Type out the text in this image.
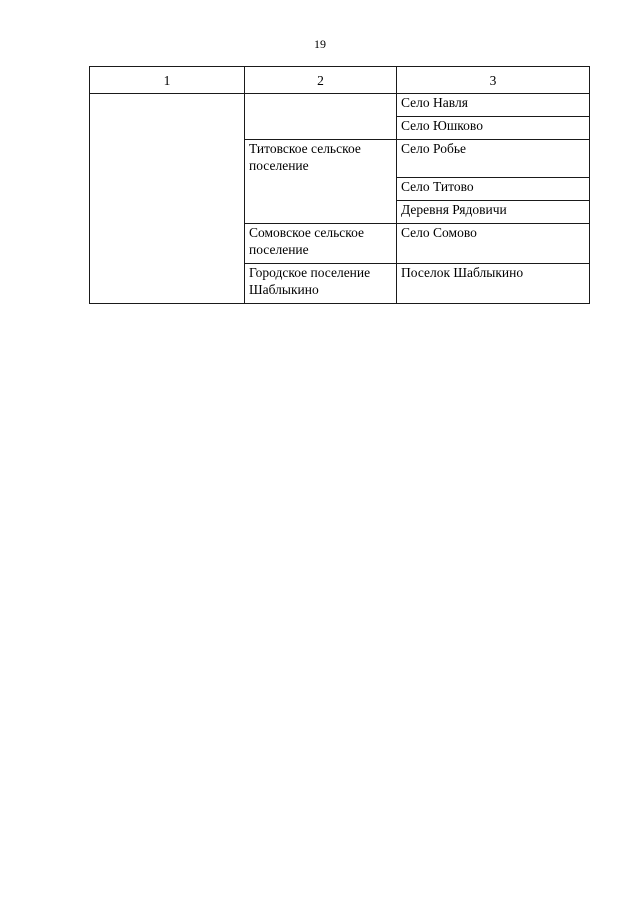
19
1	2	3
		Село Навля
		Село Юшково
	Титовское сельское поселение	Село Робье
		Село Титово
		Деревня Рядовичи
	Сомовское сельское поселение	Село Сомово
	Городское поселение Шаблыкино	Поселок Шаблыкино
